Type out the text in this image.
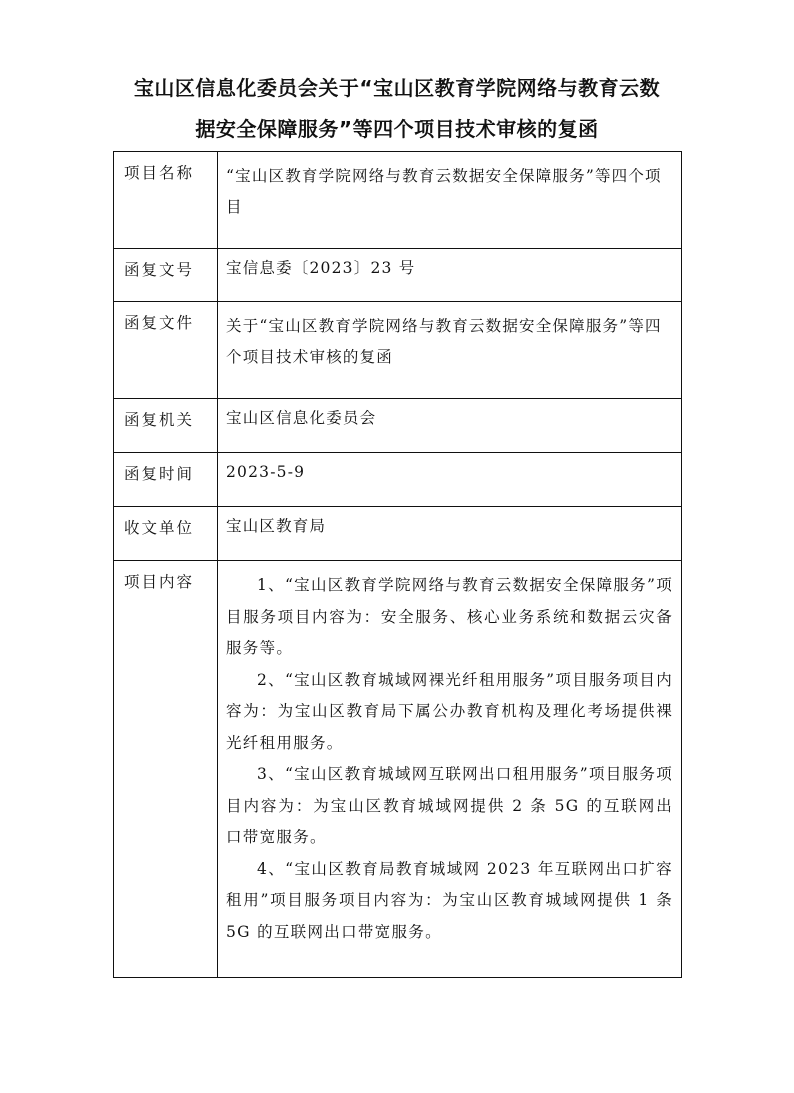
宝山区信息化委员会关于“宝山区教育学院网络与教育云数
据安全保障服务”等四个项目技术审核的复函
项目名称	“宝山区教育学院网络与教育云数据安全保障服务”等四个项目
函复文号	宝信息委〔2023〕23 号
函复文件	关于“宝山区教育学院网络与教育云数据安全保障服务”等四个项目技术审核的复函
函复机关	宝山区信息化委员会
函复时间	2023-5-9
收文单位	宝山区教育局
项目内容	1、“宝山区教育学院网络与教育云数据安全保障服务”项目服务项目内容为：安全服务、核心业务系统和数据云灾备服务等。

2、“宝山区教育城域网裸光纤租用服务”项目服务项目内容为：为宝山区教育局下属公办教育机构及理化考场提供裸光纤租用服务。

3、“宝山区教育城域网互联网出口租用服务”项目服务项目内容为：为宝山区教育城域网提供 2 条 5G 的互联网出口带宽服务。

4、“宝山区教育局教育城域网 2023 年互联网出口扩容租用”项目服务项目内容为：为宝山区教育城域网提供 1 条 5G 的互联网出口带宽服务。
